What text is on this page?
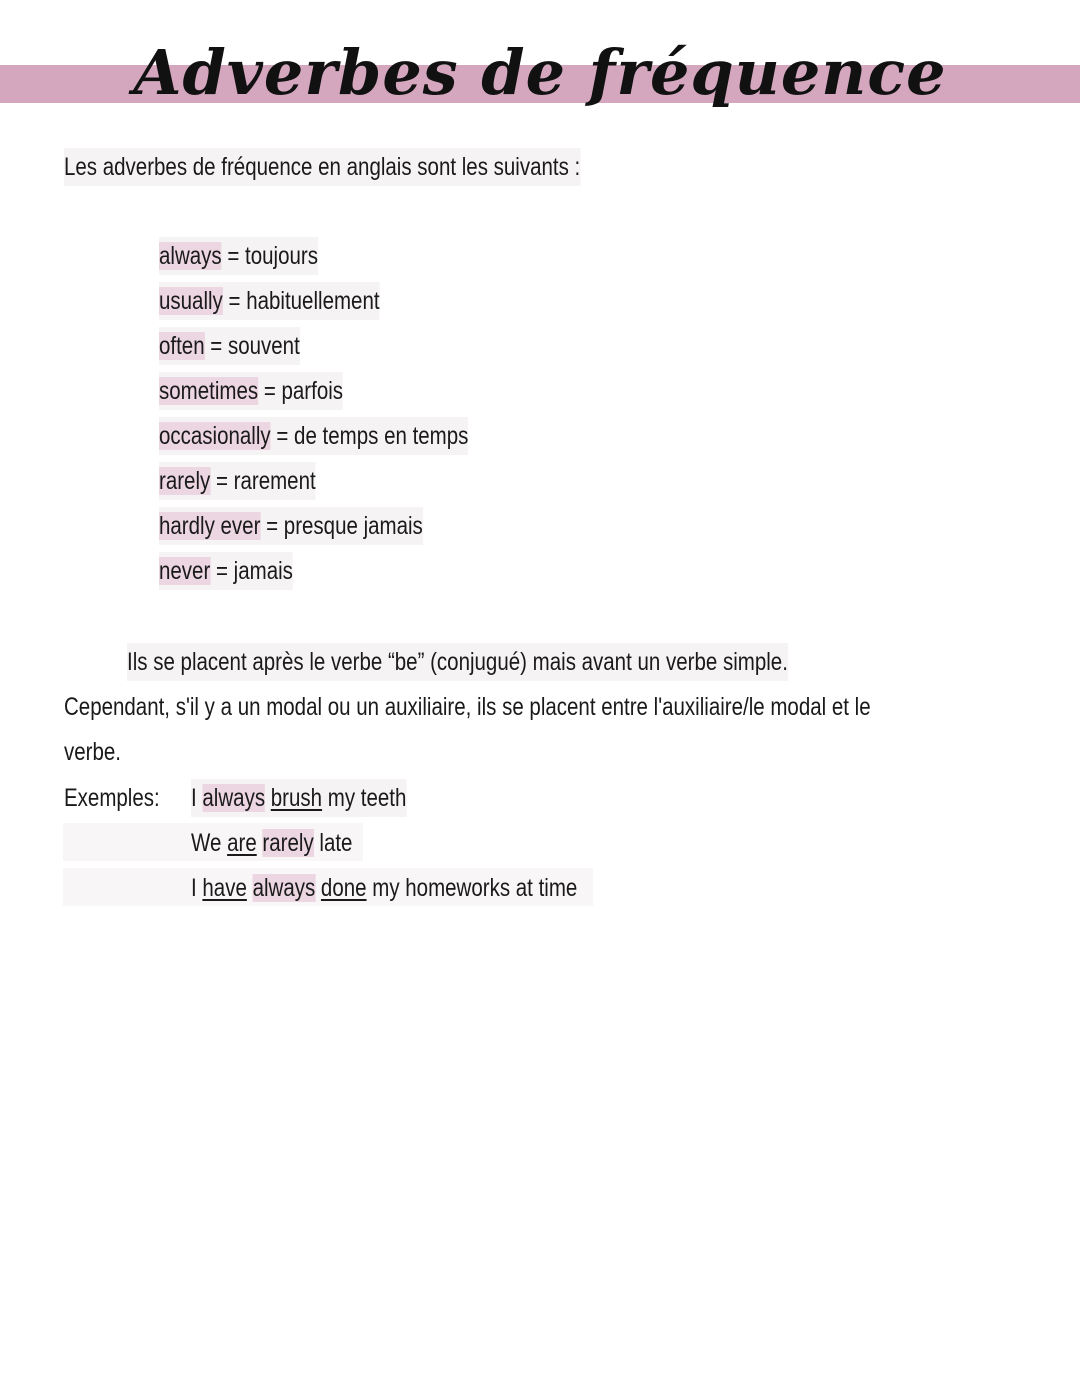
Adverbes de fréquence
Les adverbes de fréquence en anglais sont les suivants :
always = toujours
usually = habituellement
often = souvent
sometimes = parfois
occasionally = de temps en temps
rarely = rarement
hardly ever = presque jamais
never = jamais
Ils se placent après le verbe “be” (conjugué) mais avant un verbe simple.
Cependant, s'il y a un modal ou un auxiliaire, ils se placent entre l'auxiliaire/le modal et le
verbe.
Exemples: I always brush my teeth
We are rarely late
I have always done my homeworks at time
